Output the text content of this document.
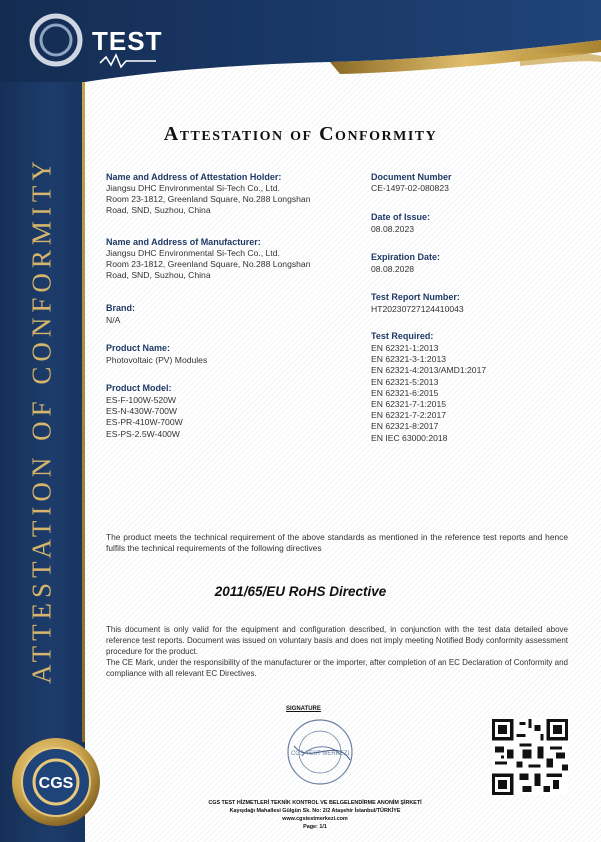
TEST
ATTESTATION OF CONFORMITY
Attestation of Conformity
Name and Address of Attestation Holder:
Jiangsu DHC Environmental Si-Tech Co., Ltd.
Room 23-1812, Greenland Square, No.288 Longshan
Road, SND, Suzhou, China
Name and Address of Manufacturer:
Jiangsu DHC Environmental Si-Tech Co., Ltd.
Room 23-1812, Greenland Square, No.288 Longshan
Road, SND, Suzhou, China
Brand:
N/A
Product Name:
Photovoltaic (PV) Modules
Product Model:
ES-F-100W-520W
ES-N-430W-700W
ES-PR-410W-700W
ES-PS-2.5W-400W
Document Number
CE-1497-02-080823
Date of Issue:
08.08.2023
Expiration Date:
08.08.2028
Test Report Number:
HT20230727124410043
Test Required:
EN 62321-1:2013
EN 62321-3-1:2013
EN 62321-4:2013/AMD1:2017
EN 62321-5:2013
EN 62321-6:2015
EN 62321-7-1:2015
EN 62321-7-2:2017
EN 62321-8:2017
EN IEC 63000:2018
The product meets the technical requirement of the above standards as mentioned in the reference test reports and hence fulfils the technical requirements of the following directives
2011/65/EU RoHS Directive
This document is only valid for the equipment and configuration described, in conjunction with the test data detailed above reference test reports. Document was issued on voluntary basis and does not imply meeting Notified Body conformity assessment procedure for the product.
The CE Mark, under the responsibility of the manufacturer or the importer, after completion of an EC Declaration of Conformity and compliance with all relevant EC Directives.
SIGNATURE
CGS TEST MERKEZI
CGS
CGS TEST HİZMETLERİ TEKNİK KONTROL VE BELGELENDİRME ANONİM ŞİRKETİ
Kayışdağı Mahallesi Gülgün Sk. No: 2/2 Ataşehir İstanbul/TÜRKİYE
www.cgstestmerkezi.com
Page: 1/1
